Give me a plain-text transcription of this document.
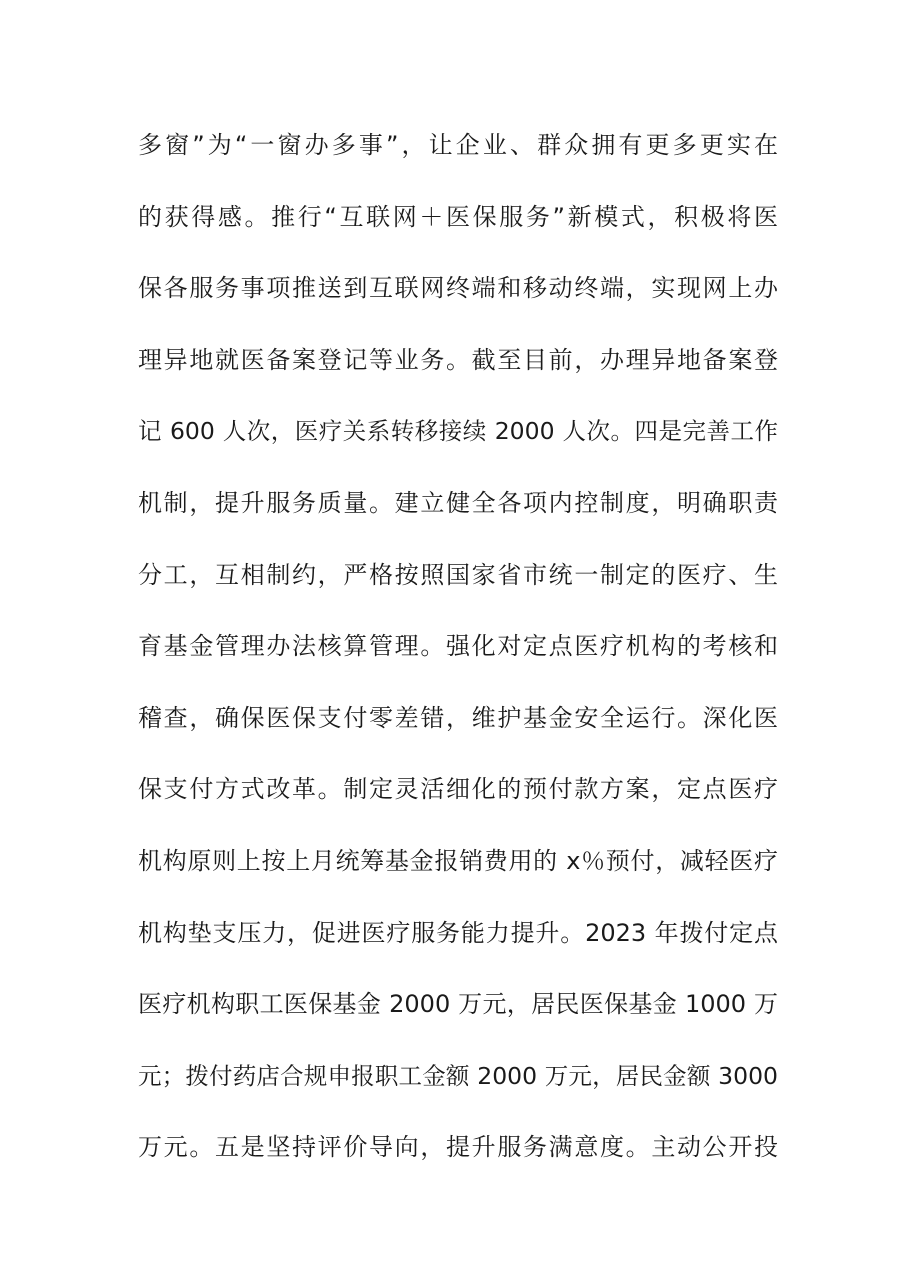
多窗”为“一窗办多事”，让企业、群众拥有更多更实在
的获得感。推行“互联网＋医保服务”新模式，积极将医
保各服务事项推送到互联网终端和移动终端，实现网上办
理异地就医备案登记等业务。截至目前，办理异地备案登
记 600 人次，医疗关系转移接续 2000 人次。四是完善工作
机制，提升服务质量。建立健全各项内控制度，明确职责
分工，互相制约，严格按照国家省市统一制定的医疗、生
育基金管理办法核算管理。强化对定点医疗机构的考核和
稽查，确保医保支付零差错，维护基金安全运行。深化医
保支付方式改革。制定灵活细化的预付款方案，定点医疗
机构原则上按上月统筹基金报销费用的 x％预付，减轻医疗
机构垫支压力，促进医疗服务能力提升。2023 年拨付定点
医疗机构职工医保基金 2000 万元，居民医保基金 1000 万
元；拨付药店合规申报职工金额 2000 万元，居民金额 3000
万元。五是坚持评价导向，提升服务满意度。主动公开投
